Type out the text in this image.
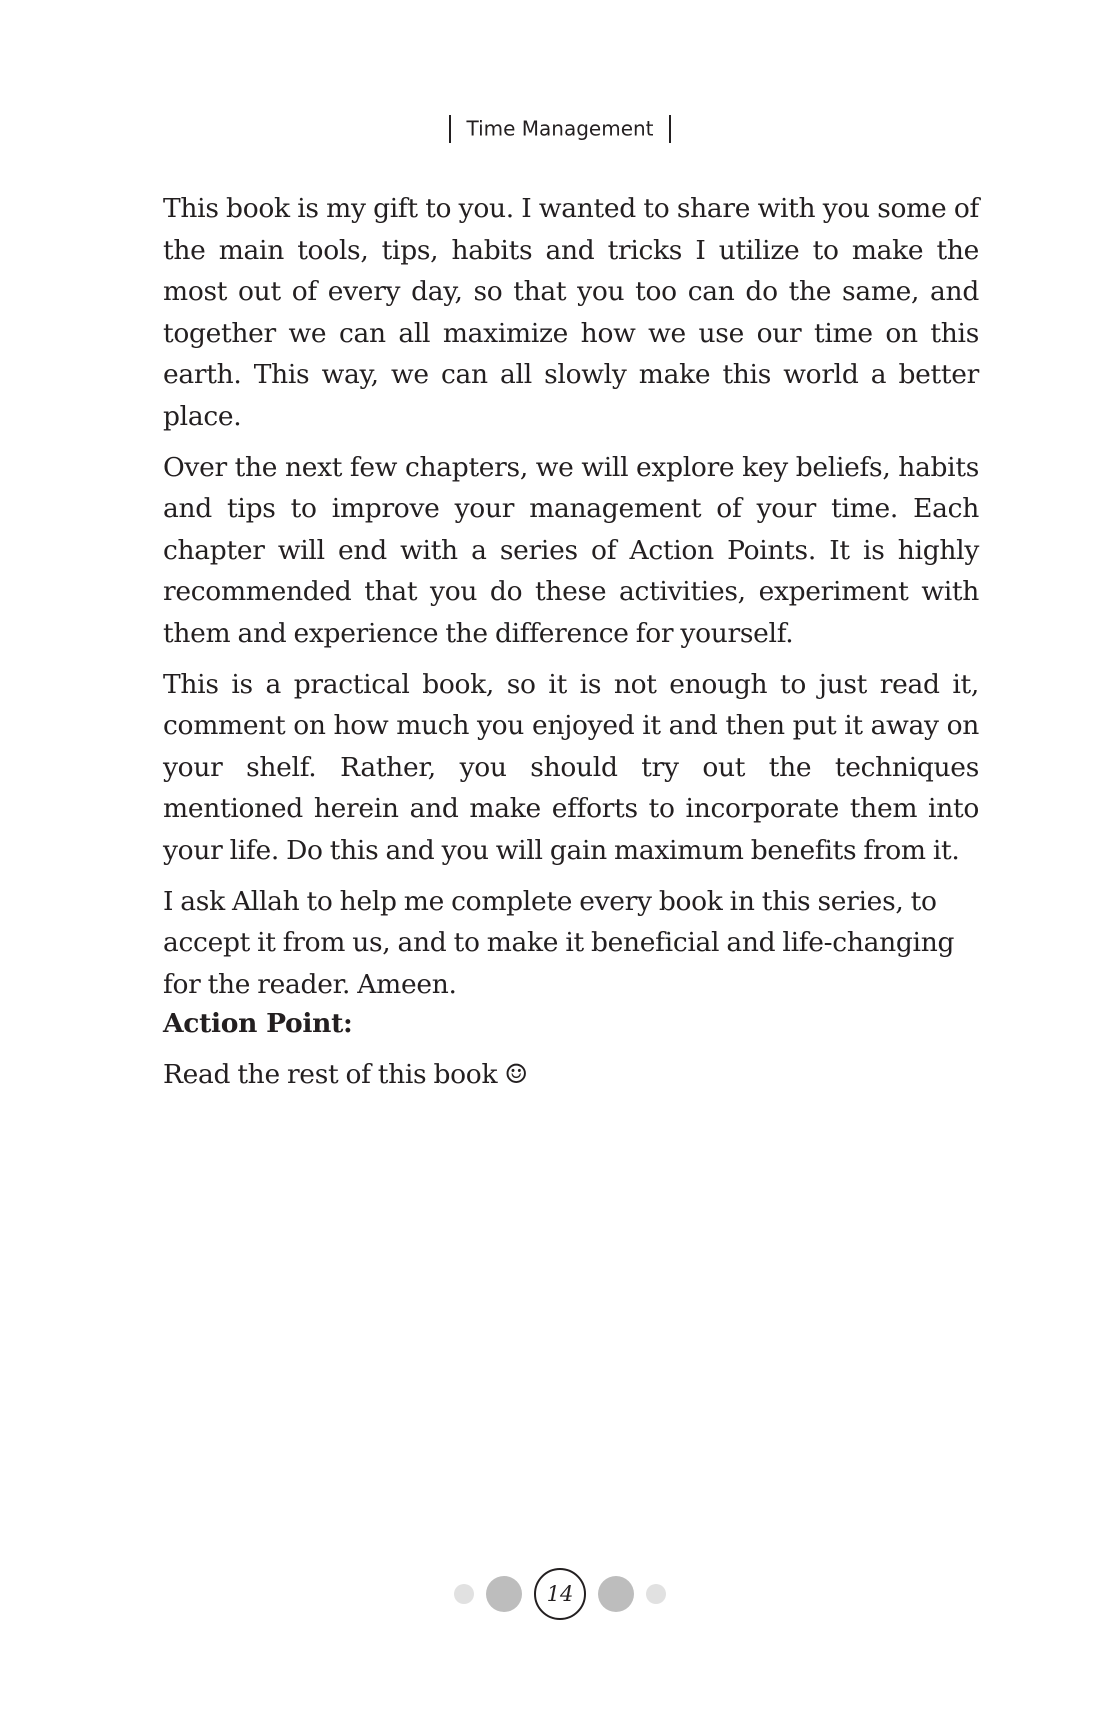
Time Management

This book is my gift to you. I wanted to share with you some of the main tools, tips, habits and tricks I utilize to make the most out of every day, so that you too can do the same, and together we can all maximize how we use our time on this earth. This way, we can all slowly make this world a better place.

Over the next few chapters, we will explore key beliefs, habits and tips to improve your management of your time. Each chapter will end with a series of Action Points. It is highly recommended that you do these activities, experiment with them and experience the difference for yourself.

This is a practical book, so it is not enough to just read it, comment on how much you enjoyed it and then put it away on your shelf. Rather, you should try out the techniques mentioned herein and make efforts to incorporate them into your life. Do this and you will gain maximum benefits from it.

I ask Allah to help me complete every book in this series, to accept it from us, and to make it beneficial and life-changing for the reader. Ameen.

Action Point:
Read the rest of this book ☺
14
